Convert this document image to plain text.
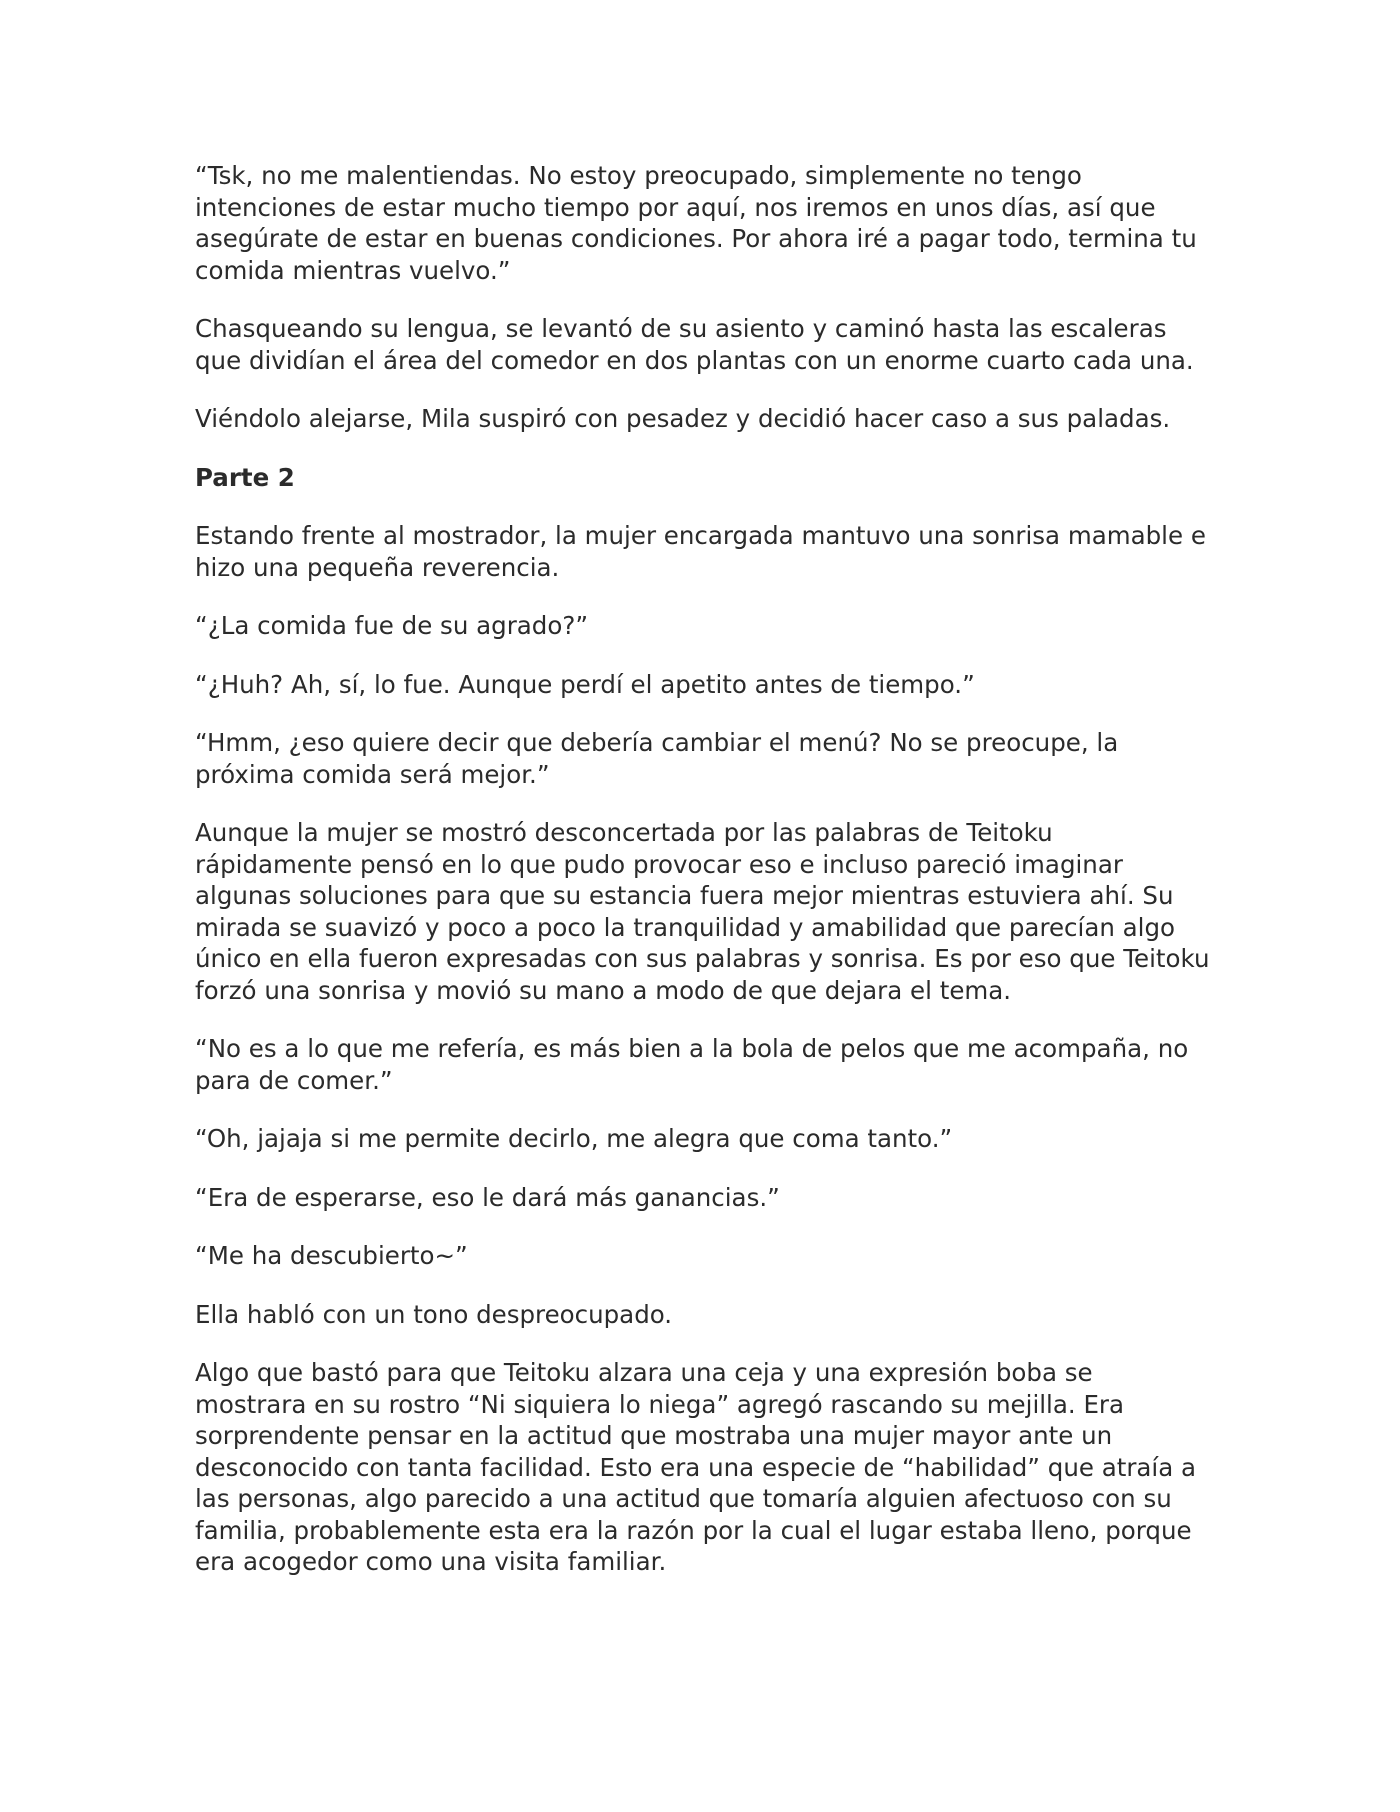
“Tsk, no me malentiendas. No estoy preocupado, simplemente no tengo intenciones de estar mucho tiempo por aquí, nos iremos en unos días, así que asegúrate de estar en buenas condiciones. Por ahora iré a pagar todo, termina tu comida mientras vuelvo.”

Chasqueando su lengua, se levantó de su asiento y caminó hasta las escaleras que dividían el área del comedor en dos plantas con un enorme cuarto cada una.

Viéndolo alejarse, Mila suspiró con pesadez y decidió hacer caso a sus paladas.

Parte 2

Estando frente al mostrador, la mujer encargada mantuvo una sonrisa mamable e hizo una pequeña reverencia.

“¿La comida fue de su agrado?”

“¿Huh? Ah, sí, lo fue. Aunque perdí el apetito antes de tiempo.”

“Hmm, ¿eso quiere decir que debería cambiar el menú? No se preocupe, la próxima comida será mejor.”

Aunque la mujer se mostró desconcertada por las palabras de Teitoku rápidamente pensó en lo que pudo provocar eso e incluso pareció imaginar algunas soluciones para que su estancia fuera mejor mientras estuviera ahí. Su mirada se suavizó y poco a poco la tranquilidad y amabilidad que parecían algo único en ella fueron expresadas con sus palabras y sonrisa. Es por eso que Teitoku forzó una sonrisa y movió su mano a modo de que dejara el tema.

“No es a lo que me refería, es más bien a la bola de pelos que me acompaña, no para de comer.”

“Oh, jajaja si me permite decirlo, me alegra que coma tanto.”

“Era de esperarse, eso le dará más ganancias.”

“Me ha descubierto~”

Ella habló con un tono despreocupado.

Algo que bastó para que Teitoku alzara una ceja y una expresión boba se mostrara en su rostro “Ni siquiera lo niega” agregó rascando su mejilla. Era sorprendente pensar en la actitud que mostraba una mujer mayor ante un desconocido con tanta facilidad. Esto era una especie de “habilidad” que atraía a las personas, algo parecido a una actitud que tomaría alguien afectuoso con su familia, probablemente esta era la razón por la cual el lugar estaba lleno, porque era acogedor como una visita familiar.
